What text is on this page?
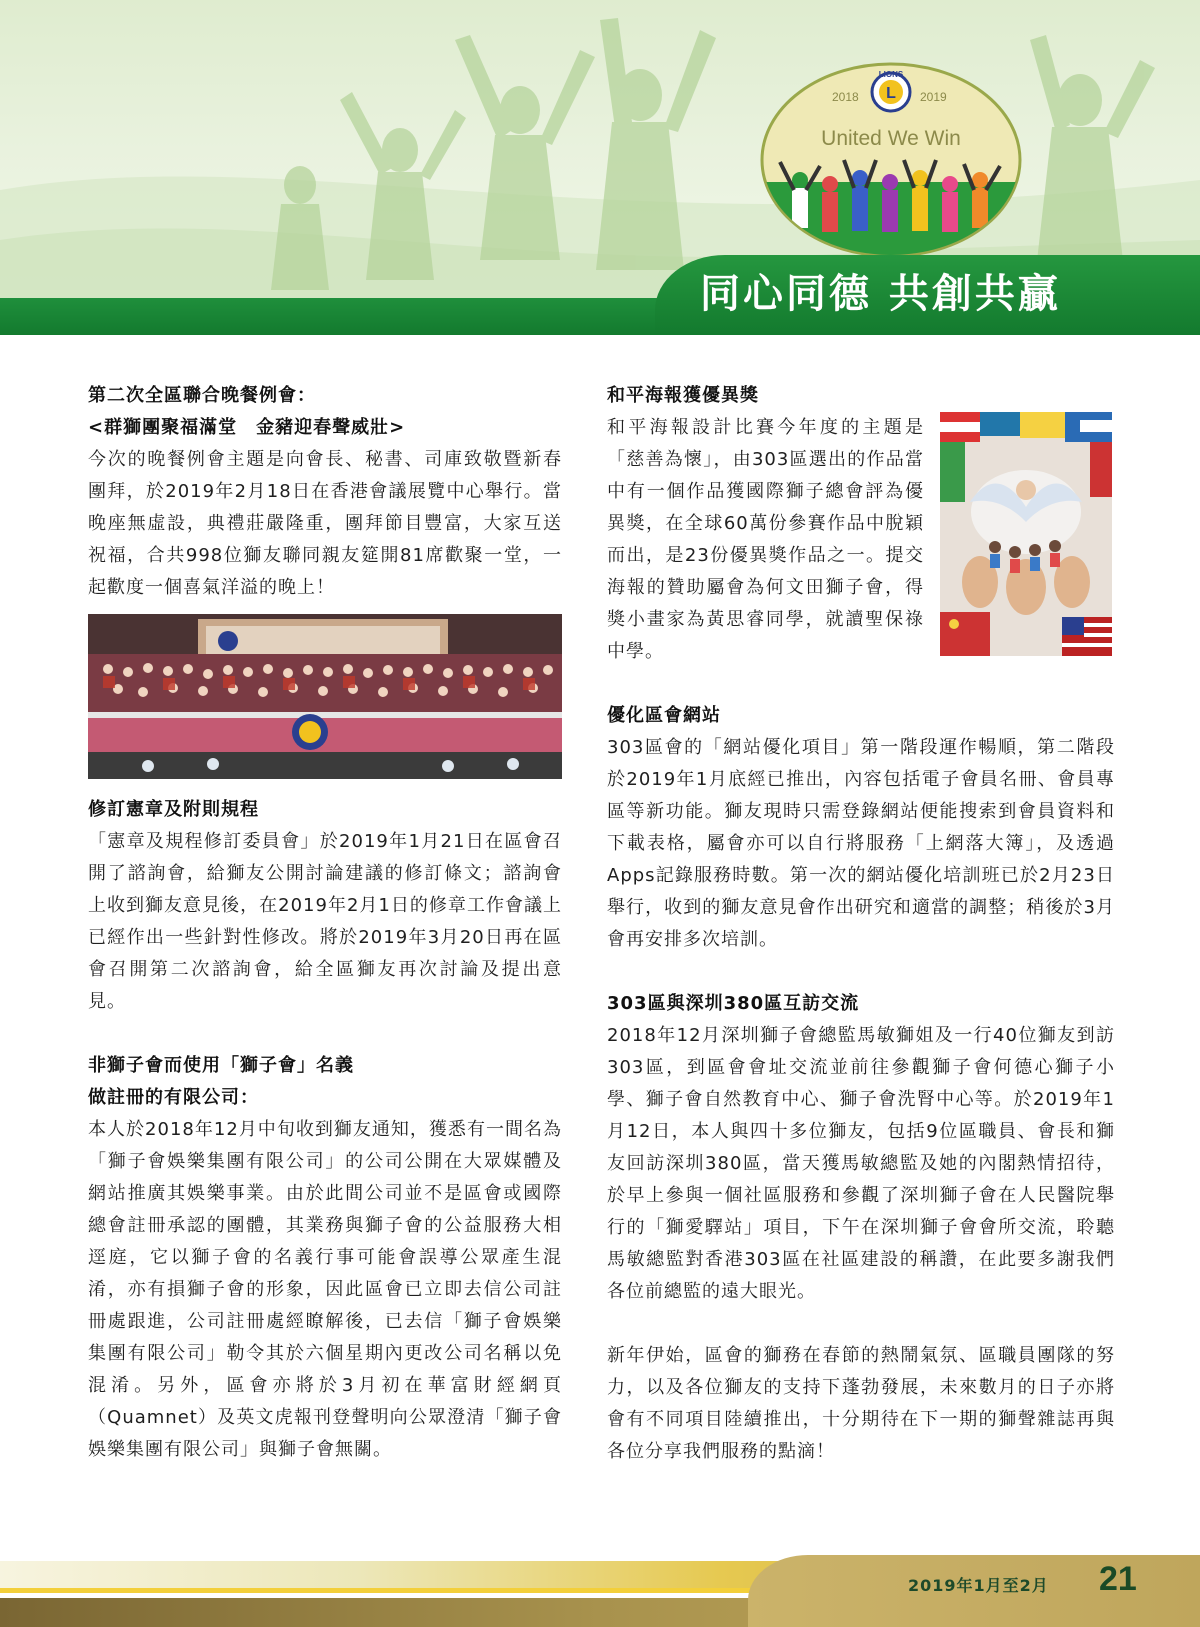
L
LIONS
2018	2019
United We Win
同心同德 共創共贏
第二次全區聯合晚餐例會：
<群獅團聚福滿堂　金豬迎春聲威壯>

今次的晚餐例會主題是向會長、秘書、司庫致敬暨新春團拜，於2019年2月18日在香港會議展覽中心舉行。當晚座無虛設，典禮莊嚴隆重，團拜節目豐富，大家互送祝福，合共998位獅友聯同親友筵開81席歡聚一堂，一起歡度一個喜氣洋溢的晚上！

修訂憲章及附則規程

「憲章及規程修訂委員會」於2019年1月21日在區會召開了諮詢會，給獅友公開討論建議的修訂條文；諮詢會上收到獅友意見後，在2019年2月1日的修章工作會議上已經作出一些針對性修改。將於2019年3月20日再在區會召開第二次諮詢會，給全區獅友再次討論及提出意見。

非獅子會而使用「獅子會」名義
做註冊的有限公司：

本人於2018年12月中旬收到獅友通知，獲悉有一間名為「獅子會娛樂集團有限公司」的公司公開在大眾媒體及網站推廣其娛樂事業。由於此間公司並不是區會或國際總會註冊承認的團體，其業務與獅子會的公益服務大相逕庭，它以獅子會的名義行事可能會誤導公眾產生混淆，亦有損獅子會的形象，因此區會已立即去信公司註冊處跟進，公司註冊處經瞭解後，已去信「獅子會娛樂集團有限公司」勒令其於六個星期內更改公司名稱以免混淆。另外，區會亦將於3月初在華富財經網頁（Quamnet）及英文虎報刊登聲明向公眾澄清「獅子會娛樂集團有限公司」與獅子會無關。

和平海報獲優異獎

和平海報設計比賽今年度的主題是「慈善為懷」，由303區選出的作品當中有一個作品獲國際獅子總會評為優異獎，在全球60萬份參賽作品中脫穎而出，是23份優異獎作品之一。提交海報的贊助屬會為何文田獅子會，得獎小畫家為黃思睿同學，就讀聖保祿中學。

優化區會網站

303區會的「網站優化項目」第一階段運作暢順，第二階段於2019年1月底經已推出，內容包括電子會員名冊、會員專區等新功能。獅友現時只需登錄網站便能搜索到會員資料和下載表格，屬會亦可以自行將服務「上網落大簿」，及透過Apps記錄服務時數。第一次的網站優化培訓班已於2月23日舉行，收到的獅友意見會作出研究和適當的調整；稍後於3月會再安排多次培訓。

303區與深圳380區互訪交流

2018年12月深圳獅子會總監馬敏獅姐及一行40位獅友到訪 303區，到區會會址交流並前往參觀獅子會何德心獅子小學、獅子會自然教育中心、獅子會洗腎中心等。於2019年1月12日，本人與四十多位獅友，包括9位區職員、會長和獅友回訪深圳380區，當天獲馬敏總監及她的內閣熱情招待，於早上參與一個社區服務和參觀了深圳獅子會在人民醫院舉行的「獅愛驛站」項目，下午在深圳獅子會會所交流，聆聽馬敏總監對香港303區在社區建設的稱讚，在此要多謝我們各位前總監的遠大眼光。

新年伊始，區會的獅務在春節的熱鬧氣氛、區職員團隊的努力，以及各位獅友的支持下蓬勃發展，未來數月的日子亦將會有不同項目陸續推出，十分期待在下一期的獅聲雜誌再與各位分享我們服務的點滴！

2019年1月至2月 21
